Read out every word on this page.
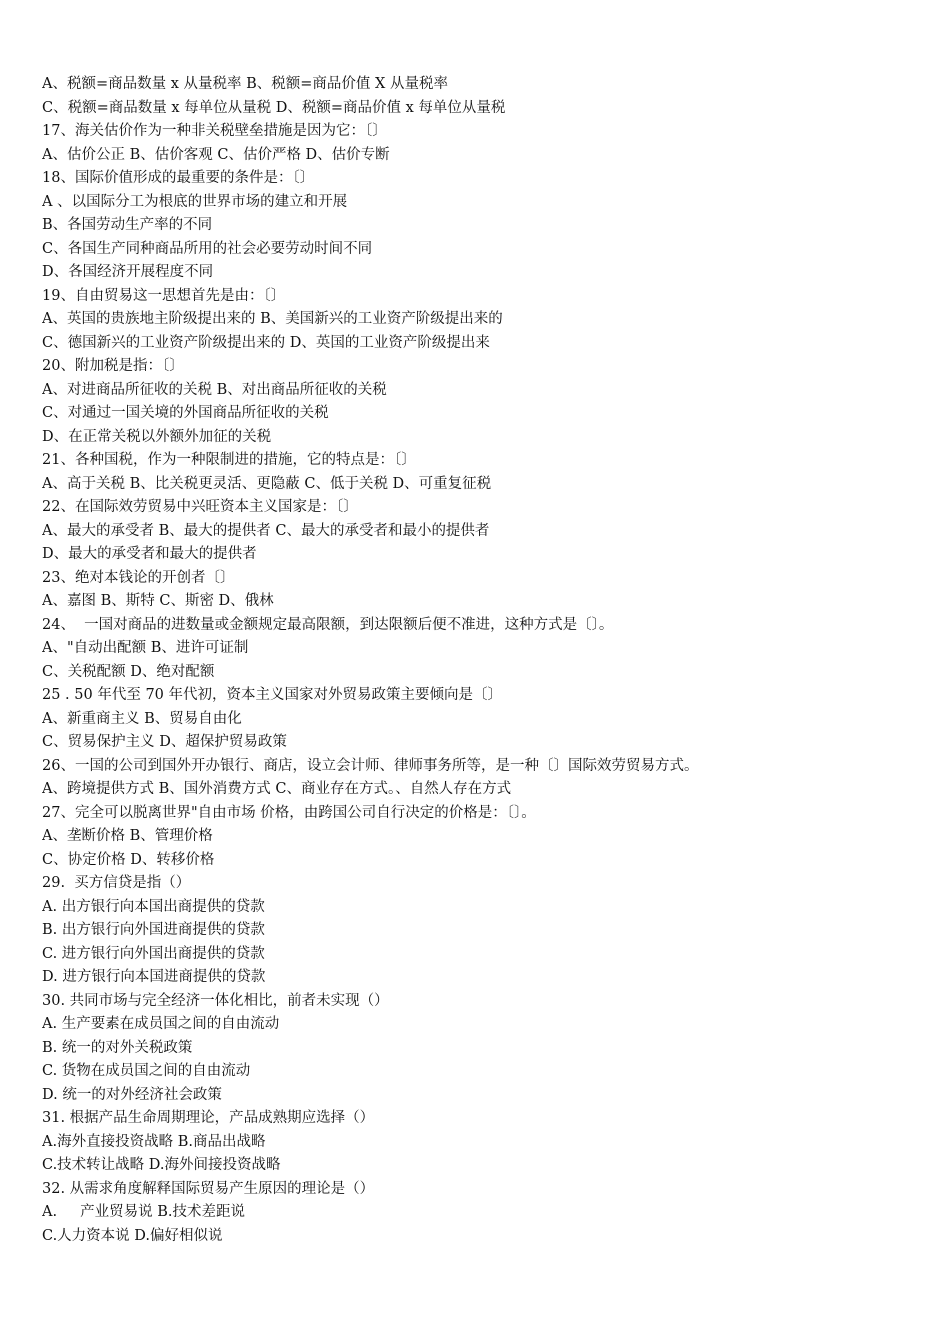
A、税额=商品数量 x 从量税率 B、税额=商品价值 X 从量税率
C、税额=商品数量 x 每单位从量税 D、税额=商品价值 x 每单位从量税
17、海关估价作为一种非关税壁垒措施是因为它：〔〕
A、估价公正 B、估价客观 C、估价严格 D、估价专断
18、国际价值形成的最重要的条件是：〔〕
A 、以国际分工为根底的世界市场的建立和开展
B、各国劳动生产率的不同
C、各国生产同种商品所用的社会必要劳动时间不同
D、各国经济开展程度不同
19、自由贸易这一思想首先是由：〔〕
A、英国的贵族地主阶级提出来的 B、美国新兴的工业资产阶级提出来的
C、德国新兴的工业资产阶级提出来的 D、英国的工业资产阶级提出来
20、附加税是指：〔〕
A、对进商品所征收的关税 B、对出商品所征收的关税
C、对通过一国关境的外国商品所征收的关税
D、在正常关税以外额外加征的关税
21、各种国税，作为一种限制进的措施，它的特点是：〔〕
A、高于关税 B、比关税更灵活、更隐蔽 C、低于关税 D、可重复征税
22、在国际效劳贸易中兴旺资本主义国家是：〔〕
A、最大的承受者 B、最大的提供者 C、最大的承受者和最小的提供者
D、最大的承受者和最大的提供者
23、绝对本钱论的开创者〔〕
A、嘉图 B、斯特 C、斯密 D、俄林
24、  一国对商品的进数量或金额规定最高限额，到达限额后便不准进，这种方式是〔〕。
A、"自动出配额 B、进许可证制
C、关税配额 D、绝对配额
25 . 50 年代至 70 年代初，资本主义国家对外贸易政策主要倾向是〔〕
A、新重商主义 B、贸易自由化
C、贸易保护主义 D、超保护贸易政策
26、一国的公司到国外开办银行、商店，设立会计师、律师事务所等，是一种〔〕国际效劳贸易方式。
A、跨境提供方式 B、国外消费方式 C、商业存在方式。、自然人存在方式
27、完全可以脱离世界"自由市场 价格，由跨国公司自行决定的价格是：〔〕。
A、垄断价格 B、管理价格
C、协定价格 D、转移价格
29.  买方信贷是指（）
A. 出方银行向本国出商提供的贷款
B. 出方银行向外国进商提供的贷款
C. 进方银行向外国出商提供的贷款
D. 进方银行向本国进商提供的贷款
30. 共同市场与完全经济一体化相比，前者未实现（）
A. 生产要素在成员国之间的自由流动
B. 统一的对外关税政策
C. 货物在成员国之间的自由流动
D. 统一的对外经济社会政策
31. 根据产品生命周期理论，产品成熟期应选择（）
A.海外直接投资战略 B.商品出战略
C.技术转让战略 D.海外间接投资战略
32. 从需求角度解释国际贸易产生原因的理论是（）
A.     产业贸易说 B.技术差距说
C.人力资本说 D.偏好相似说
